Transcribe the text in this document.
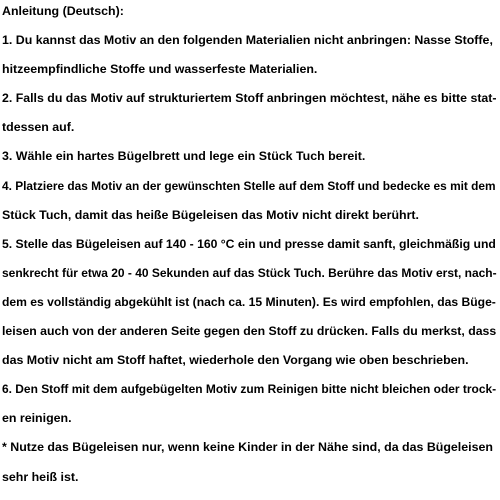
Anleitung (Deutsch):
1. Du kannst das Motiv an den folgenden Materialien nicht anbringen: Nasse Stoffe,
hitzeempfindliche Stoffe und wasserfeste Materialien.
2. Falls du das Motiv auf strukturiertem Stoff anbringen möchtest, nähe es bitte stat-
tdessen auf.
3. Wähle ein hartes Bügelbrett und lege ein Stück Tuch bereit.
4. Platziere das Motiv an der gewünschten Stelle auf dem Stoff und bedecke es mit dem
Stück Tuch, damit das heiße Bügeleisen das Motiv nicht direkt berührt.
5. Stelle das Bügeleisen auf 140 - 160 °C ein und presse damit sanft, gleichmäßig und
senkrecht für etwa 20 - 40 Sekunden auf das Stück Tuch. Berühre das Motiv erst, nach-
dem es vollständig abgekühlt ist (nach ca. 15 Minuten). Es wird empfohlen, das Büge-
leisen auch von der anderen Seite gegen den Stoff zu drücken. Falls du merkst, dass
das Motiv nicht am Stoff haftet, wiederhole den Vorgang wie oben beschrieben.
6. Den Stoff mit dem aufgebügelten Motiv zum Reinigen bitte nicht bleichen oder trock-
en reinigen.
* Nutze das Bügeleisen nur, wenn keine Kinder in der Nähe sind, da das Bügeleisen
sehr heiß ist.
